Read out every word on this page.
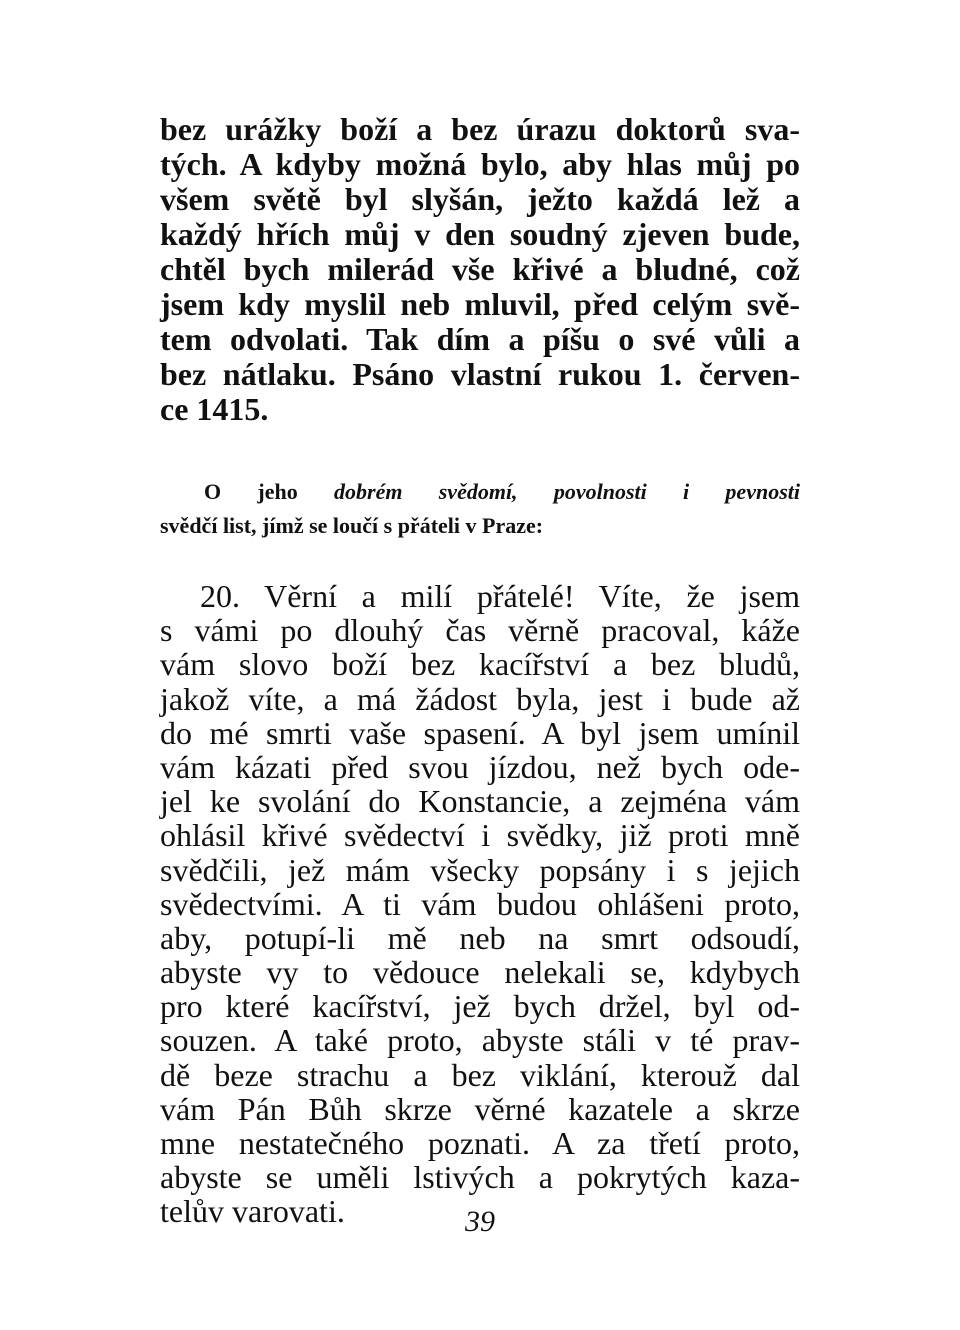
bez urážky boží a bez úrazu doktorů sva-
tých. A kdyby možná bylo, aby hlas můj po
všem světě byl slyšán, ježto každá lež a
každý hřích můj v den soudný zjeven bude,
chtěl bych milerád vše křivé a bludné, což
jsem kdy myslil neb mluvil, před celým svě-
tem odvolati. Tak dím a píšu o své vůli a
bez nátlaku. Psáno vlastní rukou 1. červen-
ce 1415.
O jeho dobrém svědomí, povolnosti i pevnosti
svědčí list, jímž se loučí s přáteli v Praze:
20. Věrní a milí přátelé! Víte, že jsem
s vámi po dlouhý čas věrně pracoval, káže
vám slovo boží bez kacířství a bez bludů,
jakož víte, a má žádost byla, jest i bude až
do mé smrti vaše spasení. A byl jsem umínil
vám kázati před svou jízdou, než bych ode-
jel ke svolání do Konstancie, a zejména vám
ohlásil křivé svědectví i svědky, již proti mně
svědčili, jež mám všecky popsány i s jejich
svědectvími. A ti vám budou ohlášeni proto,
aby, potupí-li mě neb na smrt odsoudí,
abyste vy to vědouce nelekali se, kdybych
pro které kacířství, jež bych držel, byl od-
souzen. A také proto, abyste stáli v té prav-
dě beze strachu a bez viklání, kterouž dal
vám Pán Bůh skrze věrné kazatele a skrze
mne nestatečného poznati. A za třetí proto,
abyste se uměli lstivých a pokrytých kaza-
telův varovati.	39
